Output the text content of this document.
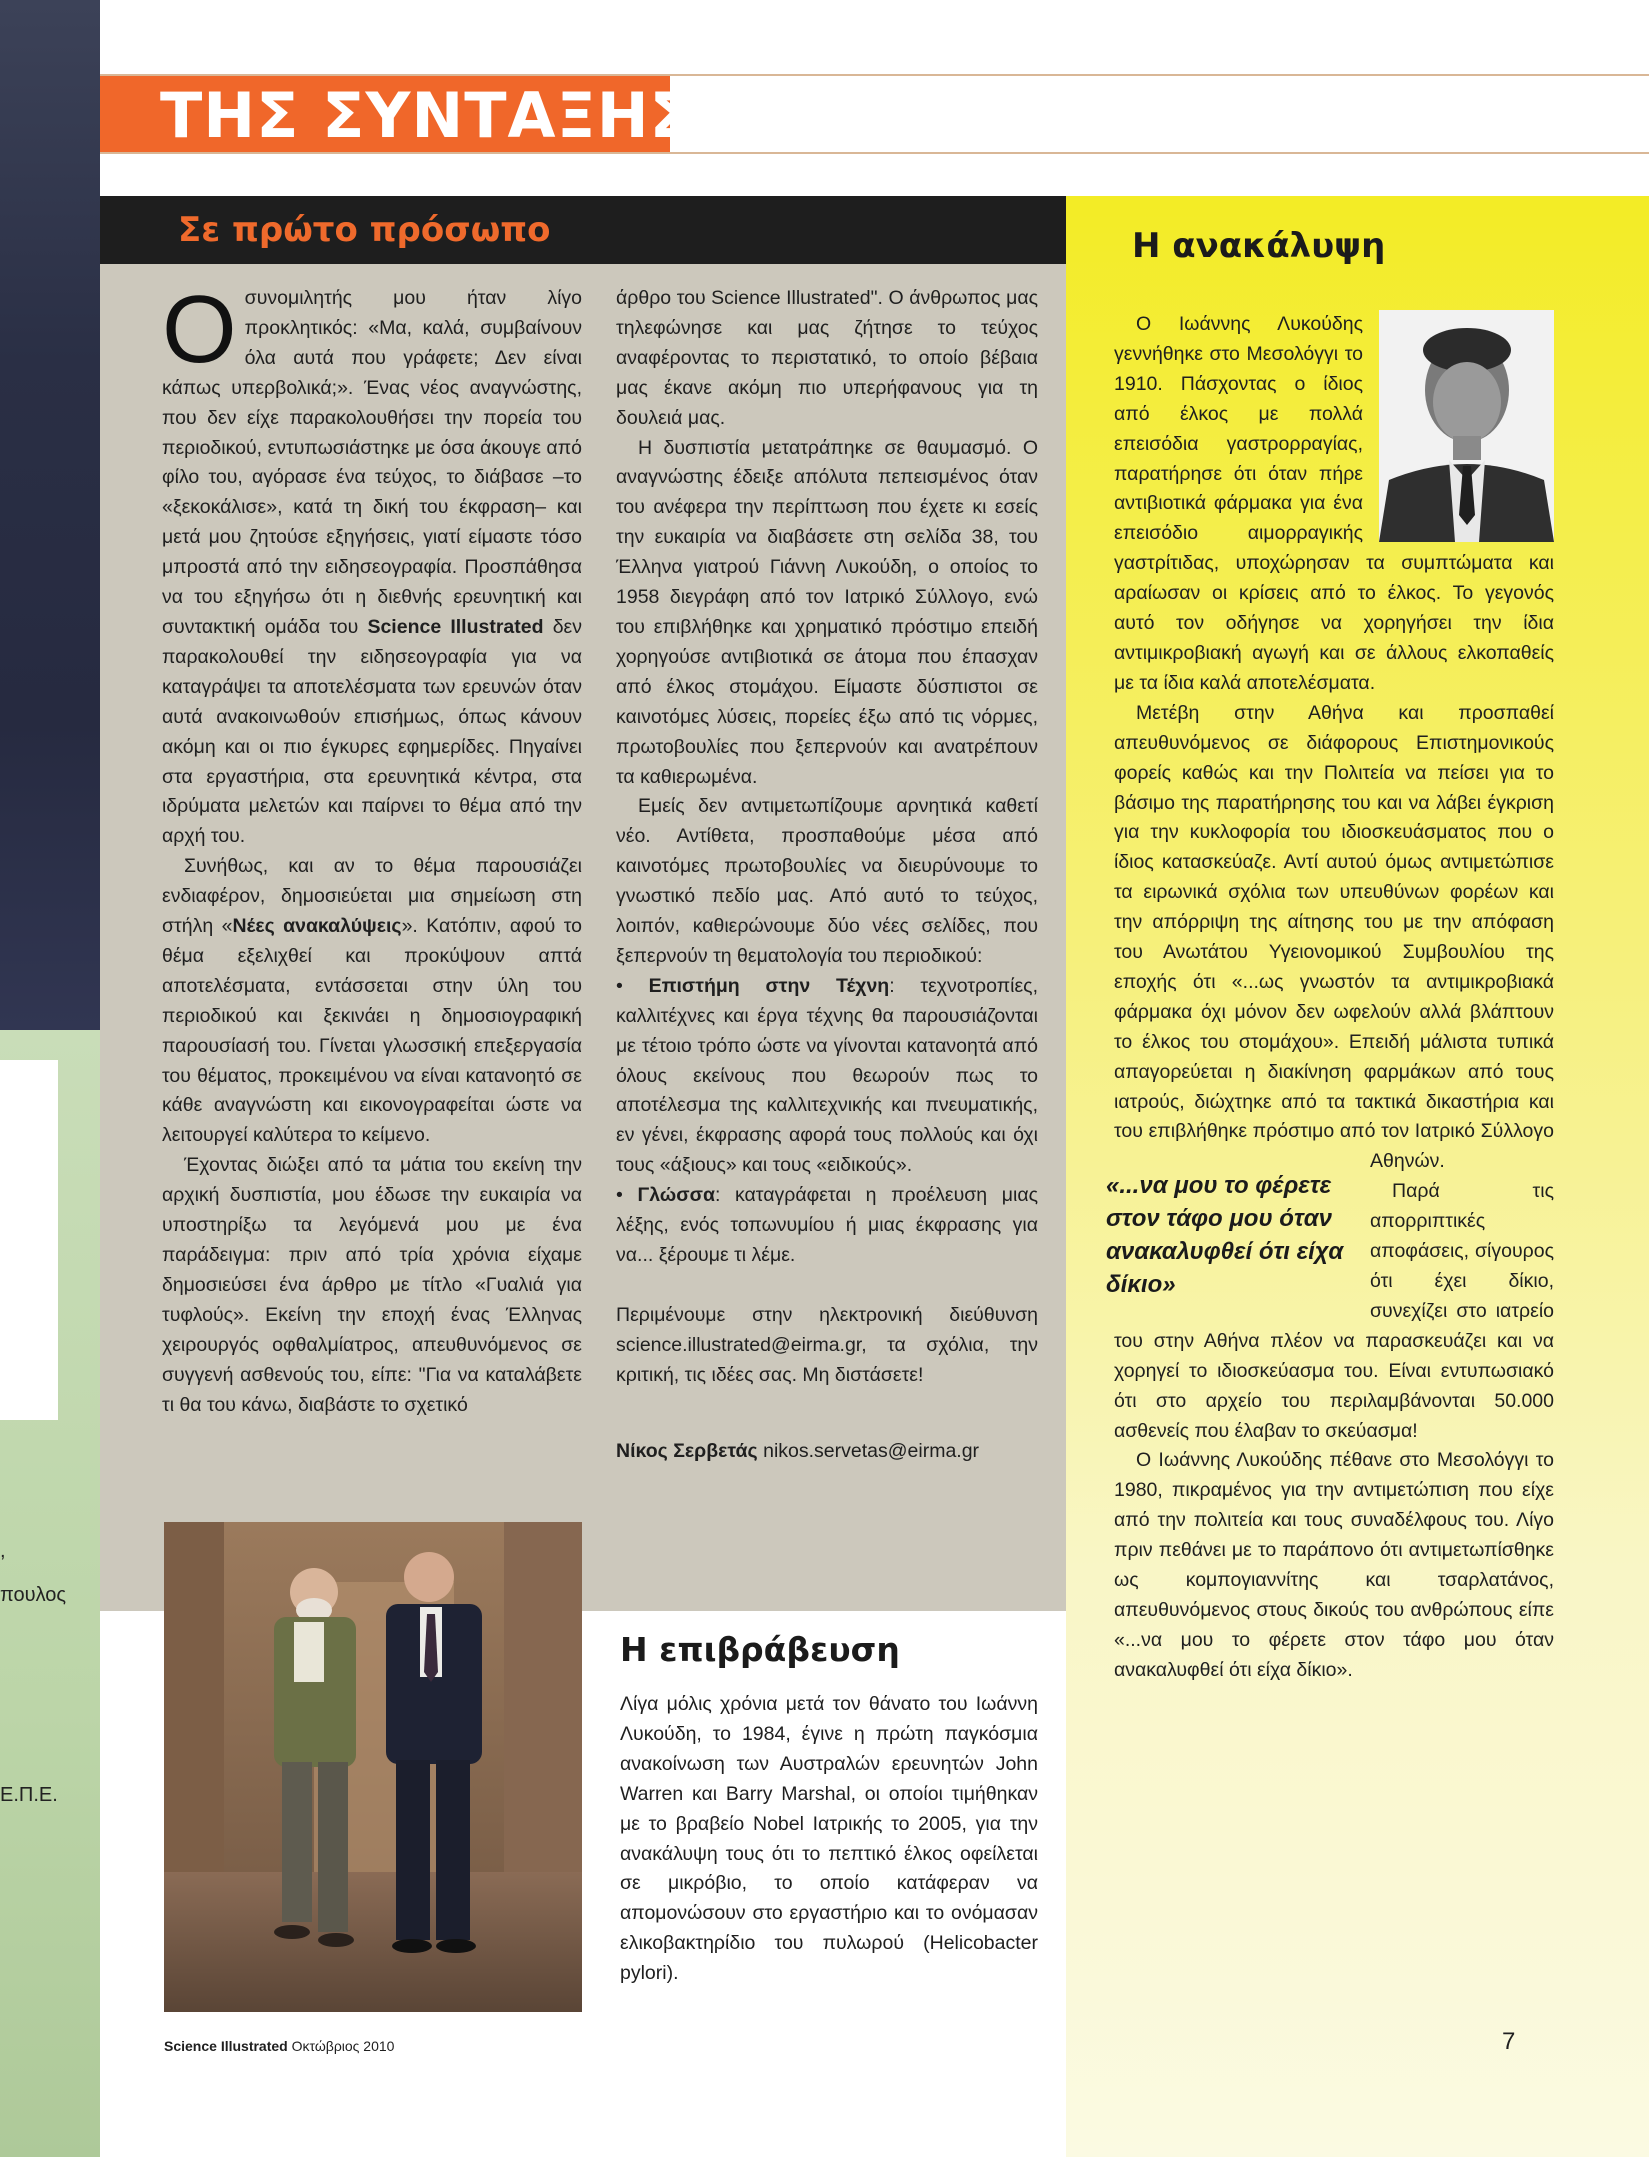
,
πουλος
Ε.Π.Ε.
ΤΗΣ ΣΥΝΤΑΞΗΣ
Σε πρώτο πρόσωπο

Ο συνομιλητής μου ήταν λίγο προκλητικός: «Μα, καλά, συμβαίνουν όλα αυτά που γράφετε; Δεν είναι κάπως υπερβολικά;». Ένας νέος αναγνώστης, που δεν είχε παρακολουθήσει την πορεία του περιοδικού, εντυπωσιάστηκε με όσα άκουγε από φίλο του, αγόρασε ένα τεύχος, το διάβασε –το «ξεκοκάλισε», κατά τη δική του έκφραση– και μετά μου ζητούσε εξηγήσεις, γιατί είμαστε τόσο μπροστά από την ειδησεογραφία. Προσπάθησα να του εξηγήσω ότι η διεθνής ερευνητική και συντακτική ομάδα του Science Illustrated δεν παρακολουθεί την ειδησεογραφία για να καταγράψει τα αποτελέσματα των ερευνών όταν αυτά ανακοινωθούν επισήμως, όπως κάνουν ακόμη και οι πιο έγκυρες εφημερίδες. Πηγαίνει στα εργαστήρια, στα ερευνητικά κέντρα, στα ιδρύματα μελετών και παίρνει το θέμα από την αρχή του.

Συνήθως, και αν το θέμα παρουσιάζει ενδιαφέρον, δημοσιεύεται μια σημείωση στη στήλη «Νέες ανακαλύψεις». Κατόπιν, αφού το θέμα εξελιχθεί και προκύψουν απτά αποτελέσματα, εντάσσεται στην ύλη του περιοδικού και ξεκινάει η δημοσιογραφική παρουσίασή του. Γίνεται γλωσσική επεξεργασία του θέματος, προκειμένου να είναι κατανοητό σε κάθε αναγνώστη και εικονογραφείται ώστε να λειτουργεί καλύτερα το κείμενο.

Έχοντας διώξει από τα μάτια του εκείνη την αρχική δυσπιστία, μου έδωσε την ευκαιρία να υποστηρίξω τα λεγόμενά μου με ένα παράδειγμα: πριν από τρία χρόνια είχαμε δημοσιεύσει ένα άρθρο με τίτλο «Γυαλιά για τυφλούς». Εκείνη την εποχή ένας Έλληνας χειρουργός οφθαλμίατρος, απευθυνόμενος σε συγγενή ασθενούς του, είπε: "Για να καταλάβετε τι θα του κάνω, διαβάστε το σχετικό

άρθρο του Science Illustrated". Ο άνθρωπος μας τηλεφώνησε και μας ζήτησε το τεύχος αναφέροντας το περιστατικό, το οποίο βέβαια μας έκανε ακόμη πιο υπερήφανους για τη δουλειά μας.

Η δυσπιστία μετατράπηκε σε θαυμασμό. Ο αναγνώστης έδειξε απόλυτα πεπεισμένος όταν του ανέφερα την περίπτωση που έχετε κι εσείς την ευκαιρία να διαβάσετε στη σελίδα 38, του Έλληνα γιατρού Γιάννη Λυκούδη, ο οποίος το 1958 διεγράφη από τον Ιατρικό Σύλλογο, ενώ του επιβλήθηκε και χρηματικό πρόστιμο επειδή χορηγούσε αντιβιοτικά σε άτομα που έπασχαν από έλκος στομάχου. Είμαστε δύσπιστοι σε καινοτόμες λύσεις, πορείες έξω από τις νόρμες, πρωτοβουλίες που ξεπερνούν και ανατρέπουν τα καθιερωμένα.

Εμείς δεν αντιμετωπίζουμε αρνητικά καθετί νέο. Αντίθετα, προσπαθούμε μέσα από καινοτόμες πρωτοβουλίες να διευρύνουμε το γνωστικό πεδίο μας. Από αυτό το τεύχος, λοιπόν, καθιερώνουμε δύο νέες σελίδες, που ξεπερνούν τη θεματολογία του περιοδικού:

• Επιστήμη στην Τέχνη: τεχνοτροπίες, καλλιτέχνες και έργα τέχνης θα παρουσιάζονται με τέτοιο τρόπο ώστε να γίνονται κατανοητά από όλους εκείνους που θεωρούν πως το αποτέλεσμα της καλλιτεχνικής και πνευματικής, εν γένει, έκφρασης αφορά τους πολλούς και όχι τους «άξιους» και τους «ειδικούς».

• Γλώσσα: καταγράφεται η προέλευση μιας λέξης, ενός τοπωνυμίου ή μιας έκφρασης για να... ξέρουμε τι λέμε.

Περιμένουμε στην ηλεκτρονική διεύθυνση science.illustrated@eirma.gr, τα σχόλια, την κριτική, τις ιδέες σας. Μη διστάσετε!

Νίκος Σερβετάς nikos.servetas@eirma.gr

Η επιβράβευση

Λίγα μόλις χρόνια μετά τον θάνατο του Ιωάννη Λυκούδη, το 1984, έγινε η πρώτη παγκόσμια ανακοίνωση των Αυστραλών ερευνητών John Warren και Barry Marshal, οι οποίοι τιμήθηκαν με το βραβείο Nobel Ιατρικής το 2005, για την ανακάλυψη τους ότι το πεπτικό έλκος οφείλεται σε μικρόβιο, το οποίο κατάφεραν να απομονώσουν στο εργαστήριο και το ονόμασαν ελικοβακτηρίδιο του πυλωρού (Helicobacter pylori).

Η ανακάλυψη

Ο Ιωάννης Λυκούδης γεννήθηκε στο Μεσολόγγι το 1910. Πάσχοντας ο ίδιος από έλκος με πολλά επεισόδια γαστρορραγίας, παρατήρησε ότι όταν πήρε αντιβιοτικά φάρμακα για ένα επεισόδιο αιμορραγικής γαστρίτιδας, υποχώρησαν τα συμπτώματα και αραίωσαν οι κρίσεις από το έλκος. Το γεγονός αυτό τον οδήγησε να χορηγήσει την ίδια αντιμικροβιακή αγωγή και σε άλλους ελκοπαθείς με τα ίδια καλά αποτελέσματα.

«...να μου το φέρετε στον τάφο μου όταν ανακαλυφθεί ότι είχα δίκιο»

Μετέβη στην Αθήνα και προσπαθεί απευθυνόμενος σε διάφορους Επιστημονικούς φορείς καθώς και την Πολιτεία να πείσει για το βάσιμο της παρατήρησης του και να λάβει έγκριση για την κυκλοφορία του ιδιοσκευάσματος που ο ίδιος κατασκεύαζε. Αντί αυτού όμως αντιμετώπισε τα ειρωνικά σχόλια των υπευθύνων φορέων και την απόρριψη της αίτησης του με την απόφαση του Ανωτάτου Υγειονομικού Συμβουλίου της εποχής ότι «...ως γνωστόν τα αντιμικροβιακά φάρμακα όχι μόνον δεν ωφελούν αλλά βλάπτουν το έλκος του στομάχου». Επειδή μάλιστα τυπικά απαγορεύεται η διακίνηση φαρμάκων από τους ιατρούς, διώχτηκε από τα τακτικά δικαστήρια και του επιβλήθηκε πρόστιμο από τον Ιατρικό Σύλλογο Αθηνών.

Παρά τις απορριπτικές αποφάσεις, σίγουρος ότι έχει δίκιο, συνεχίζει στο ιατρείο του στην Αθήνα πλέον να παρασκευάζει και να χορηγεί το ιδιοσκεύασμα του. Είναι εντυπωσιακό ότι στο αρχείο του περιλαμβάνονται 50.000 ασθενείς που έλαβαν το σκεύασμα!

Ο Ιωάννης Λυκούδης πέθανε στο Μεσολόγγι το 1980, πικραμένος για την αντιμετώπιση που είχε από την πολιτεία και τους συναδέλφους του. Λίγο πριν πεθάνει με το παράπονο ότι αντιμετωπίσθηκε ως κομπογιαννίτης και τσαρλατάνος, απευθυνόμενος στους δικούς του ανθρώπους είπε «...να μου το φέρετε στον τάφο μου όταν ανακαλυφθεί ότι είχα δίκιο».

Science Illustrated Οκτώβριος 2010	7
